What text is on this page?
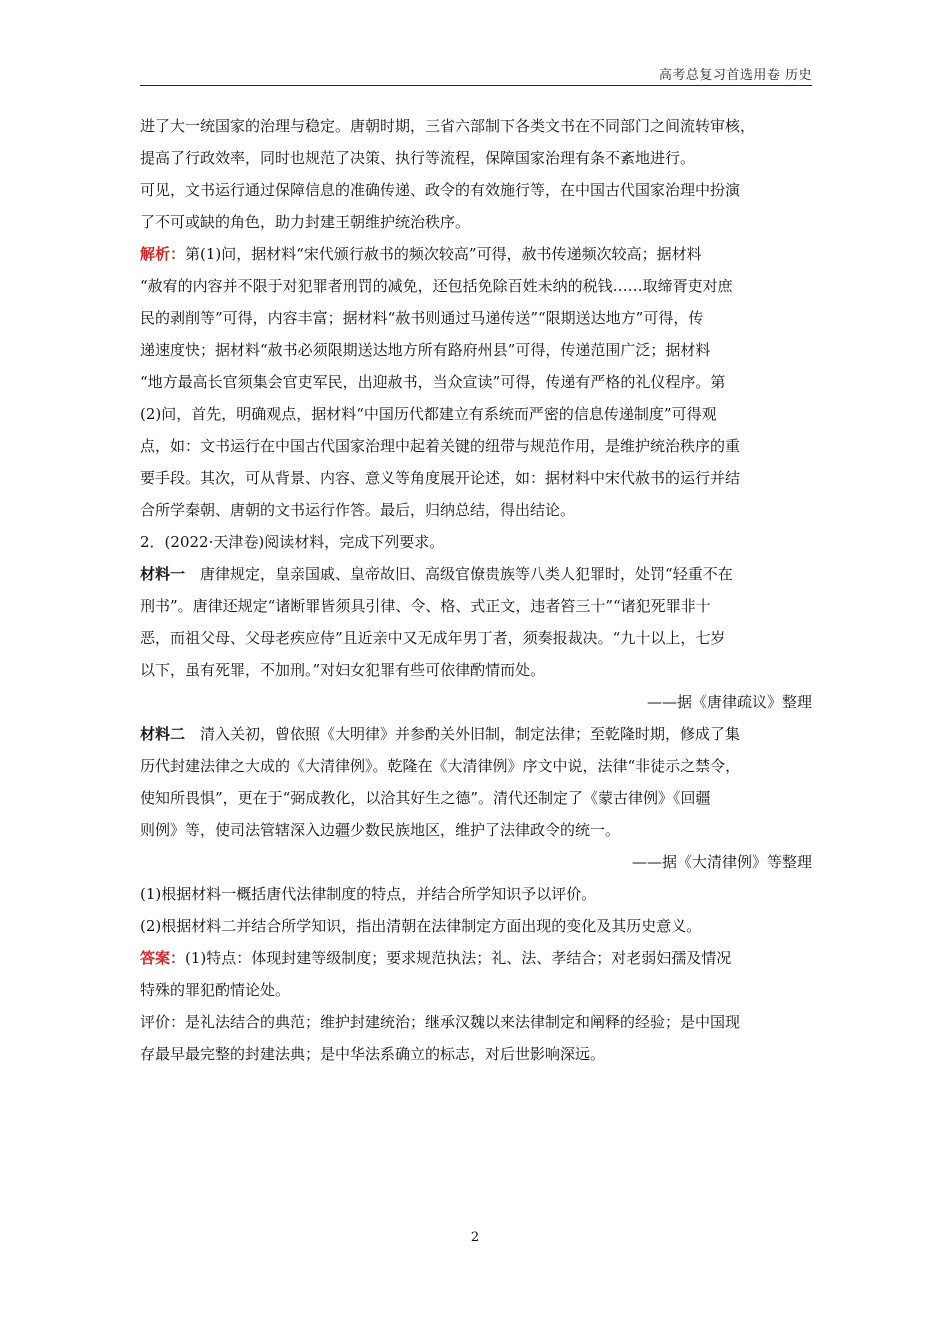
高考总复习首选用卷 历史
进了大一统国家的治理与稳定。唐朝时期，三省六部制下各类文书在不同部门之间流转审核，
提高了行政效率，同时也规范了决策、执行等流程，保障国家治理有条不紊地进行。
可见，文书运行通过保障信息的准确传递、政令的有效施行等，在中国古代国家治理中扮演
了不可或缺的角色，助力封建王朝维护统治秩序。
解析：第(1)问，据材料“宋代颁行赦书的频次较高”可得，赦书传递频次较高；据材料
“赦宥的内容并不限于对犯罪者刑罚的减免，还包括免除百姓未纳的税钱……取缔胥吏对庶
民的剥削等”可得，内容丰富；据材料“赦书则通过马递传送”“限期送达地方”可得，传
递速度快；据材料“赦书必须限期送达地方所有路府州县”可得，传递范围广泛；据材料
“地方最高长官须集会官吏军民，出迎赦书，当众宣读”可得，传递有严格的礼仪程序。第
(2)问，首先，明确观点，据材料“中国历代都建立有系统而严密的信息传递制度”可得观
点，如：文书运行在中国古代国家治理中起着关键的纽带与规范作用，是维护统治秩序的重
要手段。其次，可从背景、内容、意义等角度展开论述，如：据材料中宋代赦书的运行并结
合所学秦朝、唐朝的文书运行作答。最后，归纳总结，得出结论。
2．(2022·天津卷)阅读材料，完成下列要求。
材料一　唐律规定，皇亲国戚、皇帝故旧、高级官僚贵族等八类人犯罪时，处罚“轻重不在
刑书”。唐律还规定“诸断罪皆须具引律、令、格、式正文，违者笞三十”“诸犯死罪非十
恶，而祖父母、父母老疾应侍”且近亲中又无成年男丁者，须奏报裁决。“九十以上，七岁
以下，虽有死罪，不加刑。”对妇女犯罪有些可依律酌情而处。
——据《唐律疏议》整理
材料二　清入关初，曾依照《大明律》并参酌关外旧制，制定法律；至乾隆时期，修成了集
历代封建法律之大成的《大清律例》。乾隆在《大清律例》序文中说，法律“非徒示之禁令，
使知所畏惧”，更在于“弼成教化，以洽其好生之德”。清代还制定了《蒙古律例》《回疆
则例》等，使司法管辖深入边疆少数民族地区，维护了法律政令的统一。
——据《大清律例》等整理
(1)根据材料一概括唐代法律制度的特点，并结合所学知识予以评价。
(2)根据材料二并结合所学知识，指出清朝在法律制定方面出现的变化及其历史意义。
答案：(1)特点：体现封建等级制度；要求规范执法；礼、法、孝结合；对老弱妇孺及情况
特殊的罪犯酌情论处。
评价：是礼法结合的典范；维护封建统治；继承汉魏以来法律制定和阐释的经验；是中国现
存最早最完整的封建法典；是中华法系确立的标志，对后世影响深远。
2
